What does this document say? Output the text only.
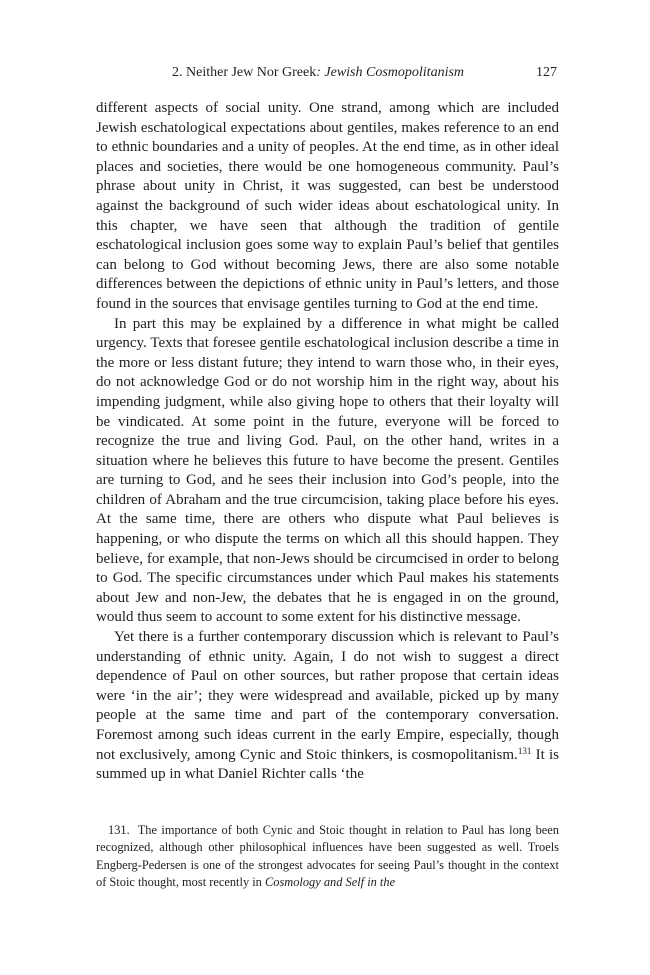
2. Neither Jew Nor Greek: Jewish Cosmopolitanism	127

different aspects of social unity. One strand, among which are included Jewish eschatological expectations about gentiles, makes reference to an end to ethnic boundaries and a unity of peoples. At the end time, as in other ideal places and societies, there would be one homogeneous community. Paul’s phrase about unity in Christ, it was suggested, can best be understood against the background of such wider ideas about eschatological unity. In this chapter, we have seen that although the tradition of gentile eschatological inclusion goes some way to explain Paul’s belief that gentiles can belong to God without becoming Jews, there are also some notable differences between the depictions of ethnic unity in Paul’s letters, and those found in the sources that envisage gentiles turning to God at the end time.

In part this may be explained by a difference in what might be called urgency. Texts that foresee gentile eschatological inclusion describe a time in the more or less distant future; they intend to warn those who, in their eyes, do not acknowledge God or do not worship him in the right way, about his impending judgment, while also giving hope to others that their loyalty will be vindicated. At some point in the future, everyone will be forced to recognize the true and living God. Paul, on the other hand, writes in a situation where he believes this future to have become the present. Gentiles are turning to God, and he sees their inclusion into God’s people, into the children of Abraham and the true circumcision, taking place before his eyes. At the same time, there are others who dispute what Paul believes is happening, or who dispute the terms on which all this should happen. They believe, for example, that non-Jews should be circumcised in order to belong to God. The specific circumstances under which Paul makes his statements about Jew and non-Jew, the debates that he is engaged in on the ground, would thus seem to account to some extent for his distinctive message.

Yet there is a further contemporary discussion which is relevant to Paul’s understanding of ethnic unity. Again, I do not wish to suggest a direct dependence of Paul on other sources, but rather propose that certain ideas were ‘in the air’; they were widespread and available, picked up by many people at the same time and part of the contemporary conversation. Foremost among such ideas current in the early Empire, especially, though not exclusively, among Cynic and Stoic thinkers, is cosmopolitanism.$^{131}$ It is summed up in what Daniel Richter calls ‘the

131. The importance of both Cynic and Stoic thought in relation to Paul has long been recognized, although other philosophical influences have been suggested as well. Troels Engberg-Pedersen is one of the strongest advocates for seeing Paul’s thought in the context of Stoic thought, most recently in Cosmology and Self in the
